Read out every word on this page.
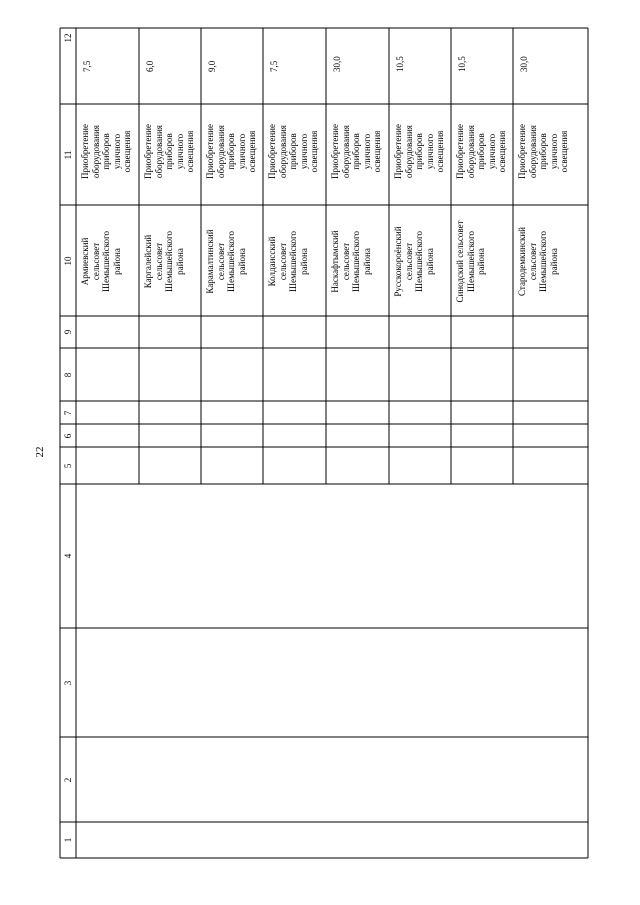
22
1
2
3
4
5
6
7
8
9
10
11
12
Армиевский сельсовет Шемышейского района
Приобретение оборудования приборов уличного освещения
7,5
Каргалейский сельсовет Шемышейского района
Приобретение оборудования приборов уличного освещения
6,0
Карамалтинский сельсовет Шемышейского района
Приобретение оборудования приборов уличного освещения
9,0
Колдаисский сельсовет Шемышейского района
Приобретение оборудования приборов уличного освещения
7,5
Наскафтымский сельсовет Шемышейского района
Приобретение оборудования приборов уличного освещения
30,0
Русскокороёнский сельсовет Шемышейского района
Приобретение оборудования приборов уличного освещения
10,5
Синодский сельсовет Шемышейского района
Приобретение оборудования приборов уличного освещения
10,5
Стародемкинский сельсовет Шемышейского района
Приобретение оборудования приборов уличного освещения
30,0
